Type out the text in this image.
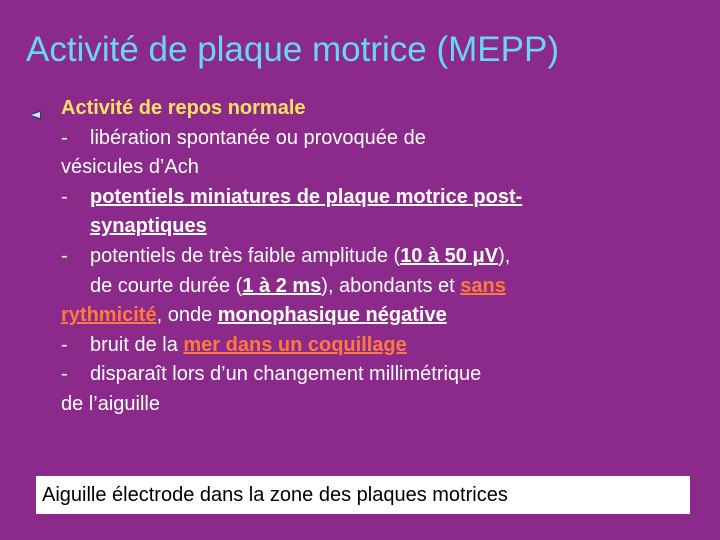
Activité de plaque motrice (MEPP)
Activité de repos normale
- libération spontanée ou provoquée de
vésicules d’Ach
- potentiels miniatures de plaque motrice post-
synaptiques
- potentiels de très faible amplitude (10 à 50 μV),
de courte durée (1 à 2 ms), abondants et sans
rythmicité, onde monophasique négative
- bruit de la mer dans un coquillage
- disparaît lors d’un changement millimétrique
de l’aiguille
Aiguille électrode dans la zone des plaques motrices
